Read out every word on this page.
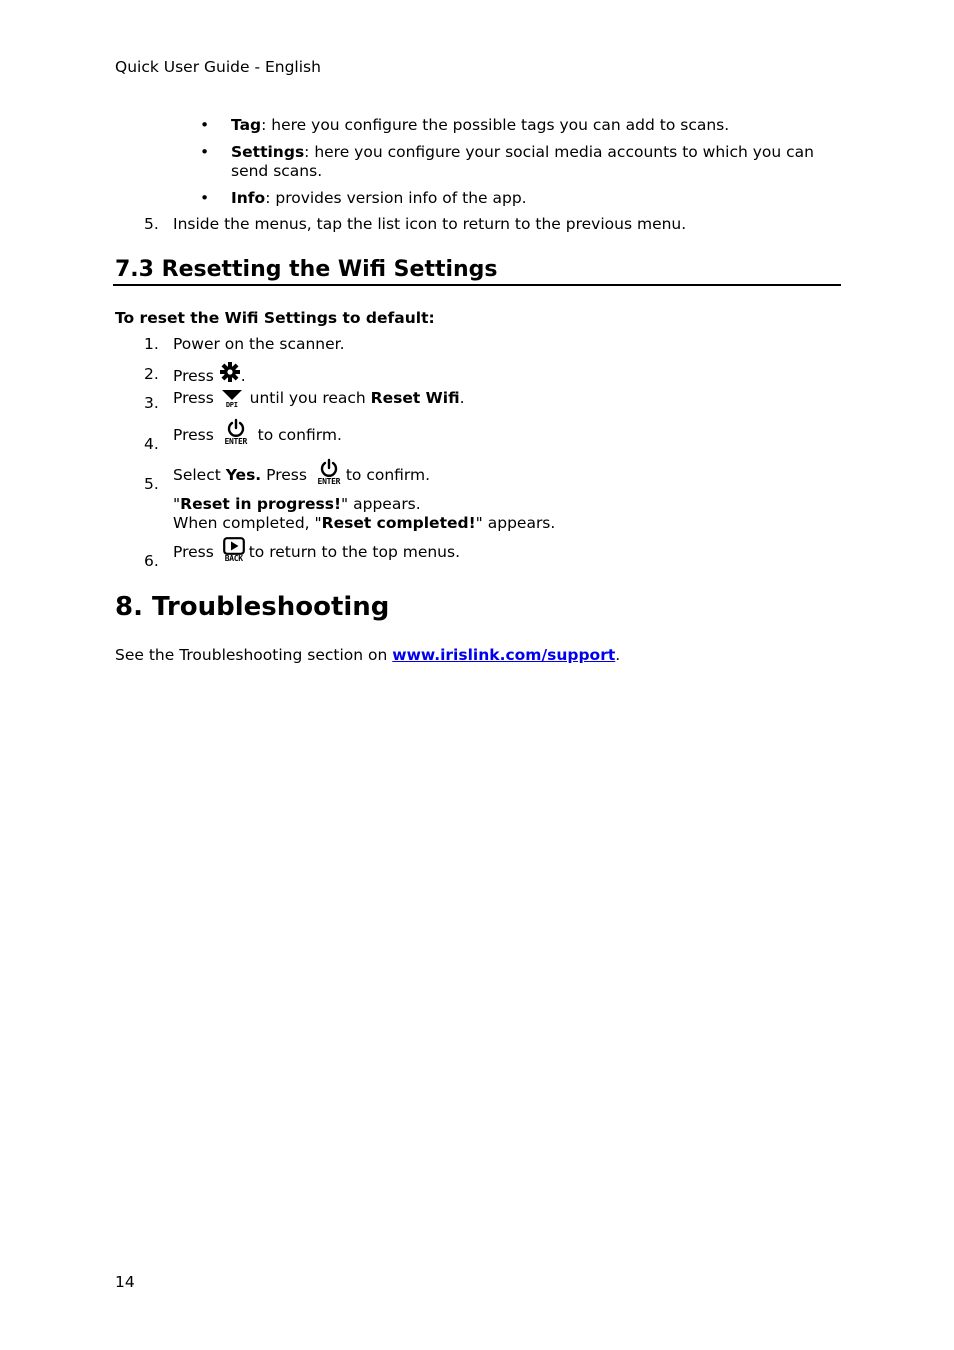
Quick User Guide - English
• Tag: here you configure the possible tags you can add to scans.
• Settings: here you configure your social media accounts to which you can send scans.
• Info: provides version info of the app.
5. Inside the menus, tap the list icon to return to the previous menu.
7.3 Resetting the Wifi Settings
To reset the Wifi Settings to default:
1. Power on the scanner.
2. Press
.
3. Press	DPI until you reach Reset Wifi.
4. Press ENTER to confirm.
5. Select Yes. Press ENTER to confirm.
"Reset in progress!" appears.
When completed, "Reset completed!" appears.
6. Press BACK to return to the top menus.
8. Troubleshooting
See the Troubleshooting section on www.irislink.com/support.
14
